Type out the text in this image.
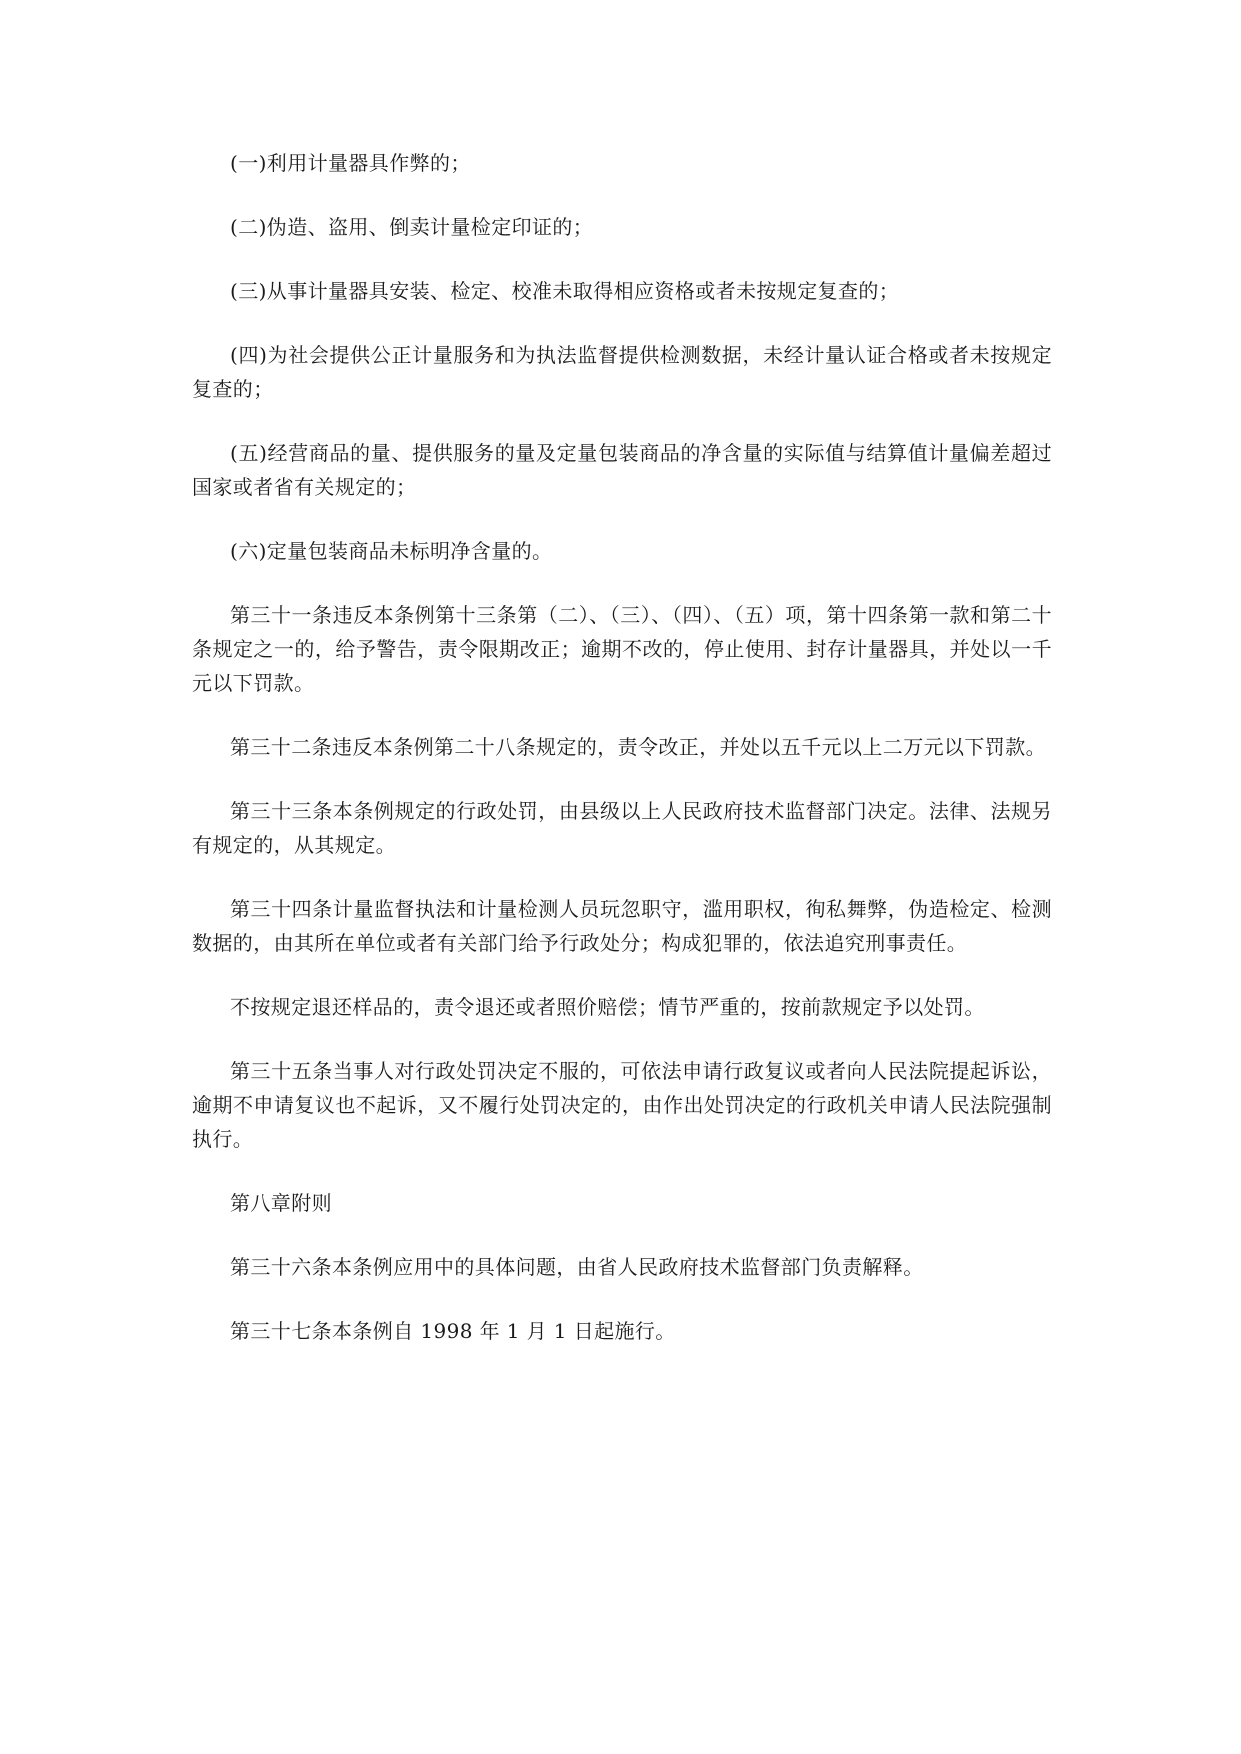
(一)利用计量器具作弊的；

(二)伪造、盗用、倒卖计量检定印证的；

(三)从事计量器具安装、检定、校准未取得相应资格或者未按规定复查的；

(四)为社会提供公正计量服务和为执法监督提供检测数据，未经计量认证合格或者未按规定复查的；

(五)经营商品的量、提供服务的量及定量包装商品的净含量的实际值与结算值计量偏差超过国家或者省有关规定的；

(六)定量包装商品未标明净含量的。

第三十一条违反本条例第十三条第（二）、（三）、（四）、（五）项，第十四条第一款和第二十条规定之一的，给予警告，责令限期改正；逾期不改的，停止使用、封存计量器具，并处以一千元以下罚款。

第三十二条违反本条例第二十八条规定的，责令改正，并处以五千元以上二万元以下罚款。

第三十三条本条例规定的行政处罚，由县级以上人民政府技术监督部门决定。法律、法规另有规定的，从其规定。

第三十四条计量监督执法和计量检测人员玩忽职守，滥用职权，徇私舞弊，伪造检定、检测数据的，由其所在单位或者有关部门给予行政处分；构成犯罪的，依法追究刑事责任。

不按规定退还样品的，责令退还或者照价赔偿；情节严重的，按前款规定予以处罚。

第三十五条当事人对行政处罚决定不服的，可依法申请行政复议或者向人民法院提起诉讼，逾期不申请复议也不起诉，又不履行处罚决定的，由作出处罚决定的行政机关申请人民法院强制执行。

第八章附则

第三十六条本条例应用中的具体问题，由省人民政府技术监督部门负责解释。

第三十七条本条例自 1998 年 1 月 1 日起施行。
